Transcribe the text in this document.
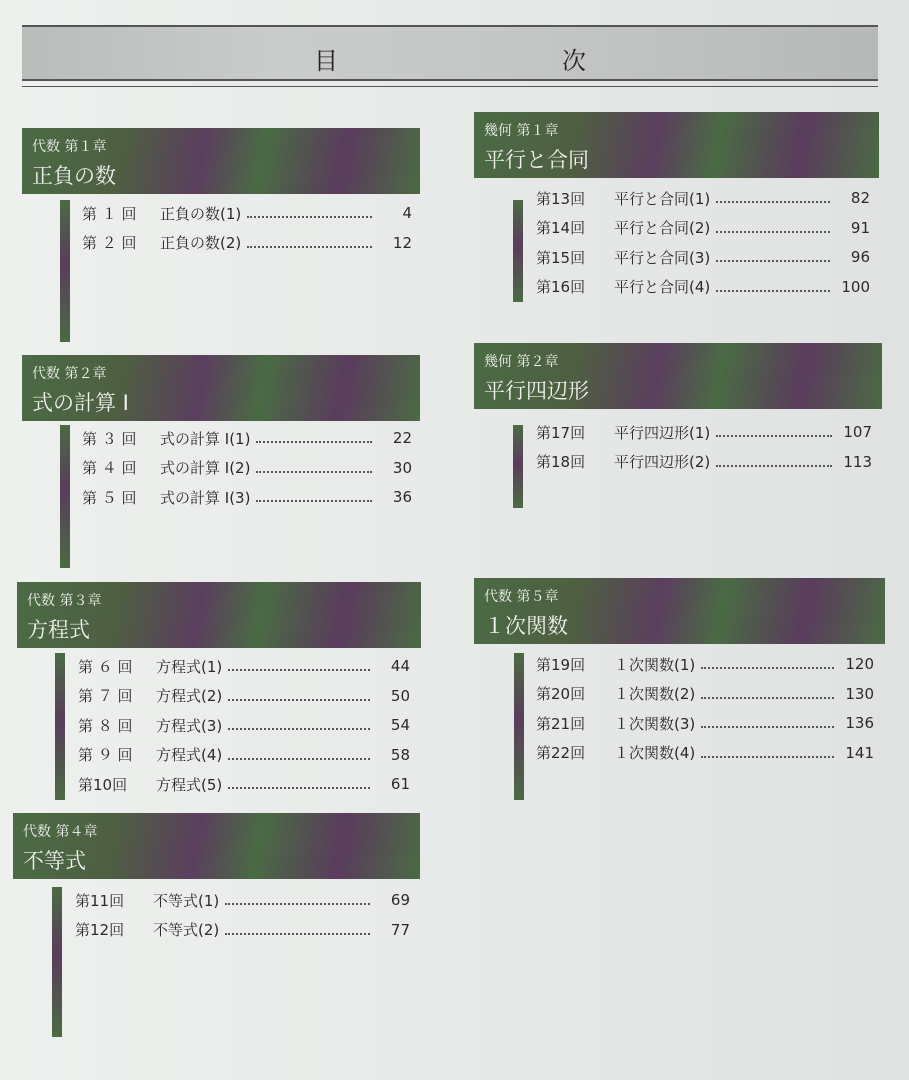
目　次
代数 第１章
正負の数
第 １ 回	正負の数(1)	4
第 ２ 回	正負の数(2)	12
代数 第２章
式の計算 Ⅰ
第 ３ 回	式の計算 Ⅰ(1)	22
第 ４ 回	式の計算 Ⅰ(2)	30
第 ５ 回	式の計算 Ⅰ(3)	36
代数 第３章
方程式
第 ６ 回	方程式(1)	44
第 ７ 回	方程式(2)	50
第 ８ 回	方程式(3)	54
第 ９ 回	方程式(4)	58
第10回	方程式(5)	61
代数 第４章
不等式
第11回	不等式(1)	69
第12回	不等式(2)	77
幾何 第１章
平行と合同
第13回	平行と合同(1)	82
第14回	平行と合同(2)	91
第15回	平行と合同(3)	96
第16回	平行と合同(4)	100
幾何 第２章
平行四辺形
第17回	平行四辺形(1)	107
第18回	平行四辺形(2)	113
代数 第５章
１次関数
第19回	１次関数(1)	120
第20回	１次関数(2)	130
第21回	１次関数(3)	136
第22回	１次関数(4)	141
